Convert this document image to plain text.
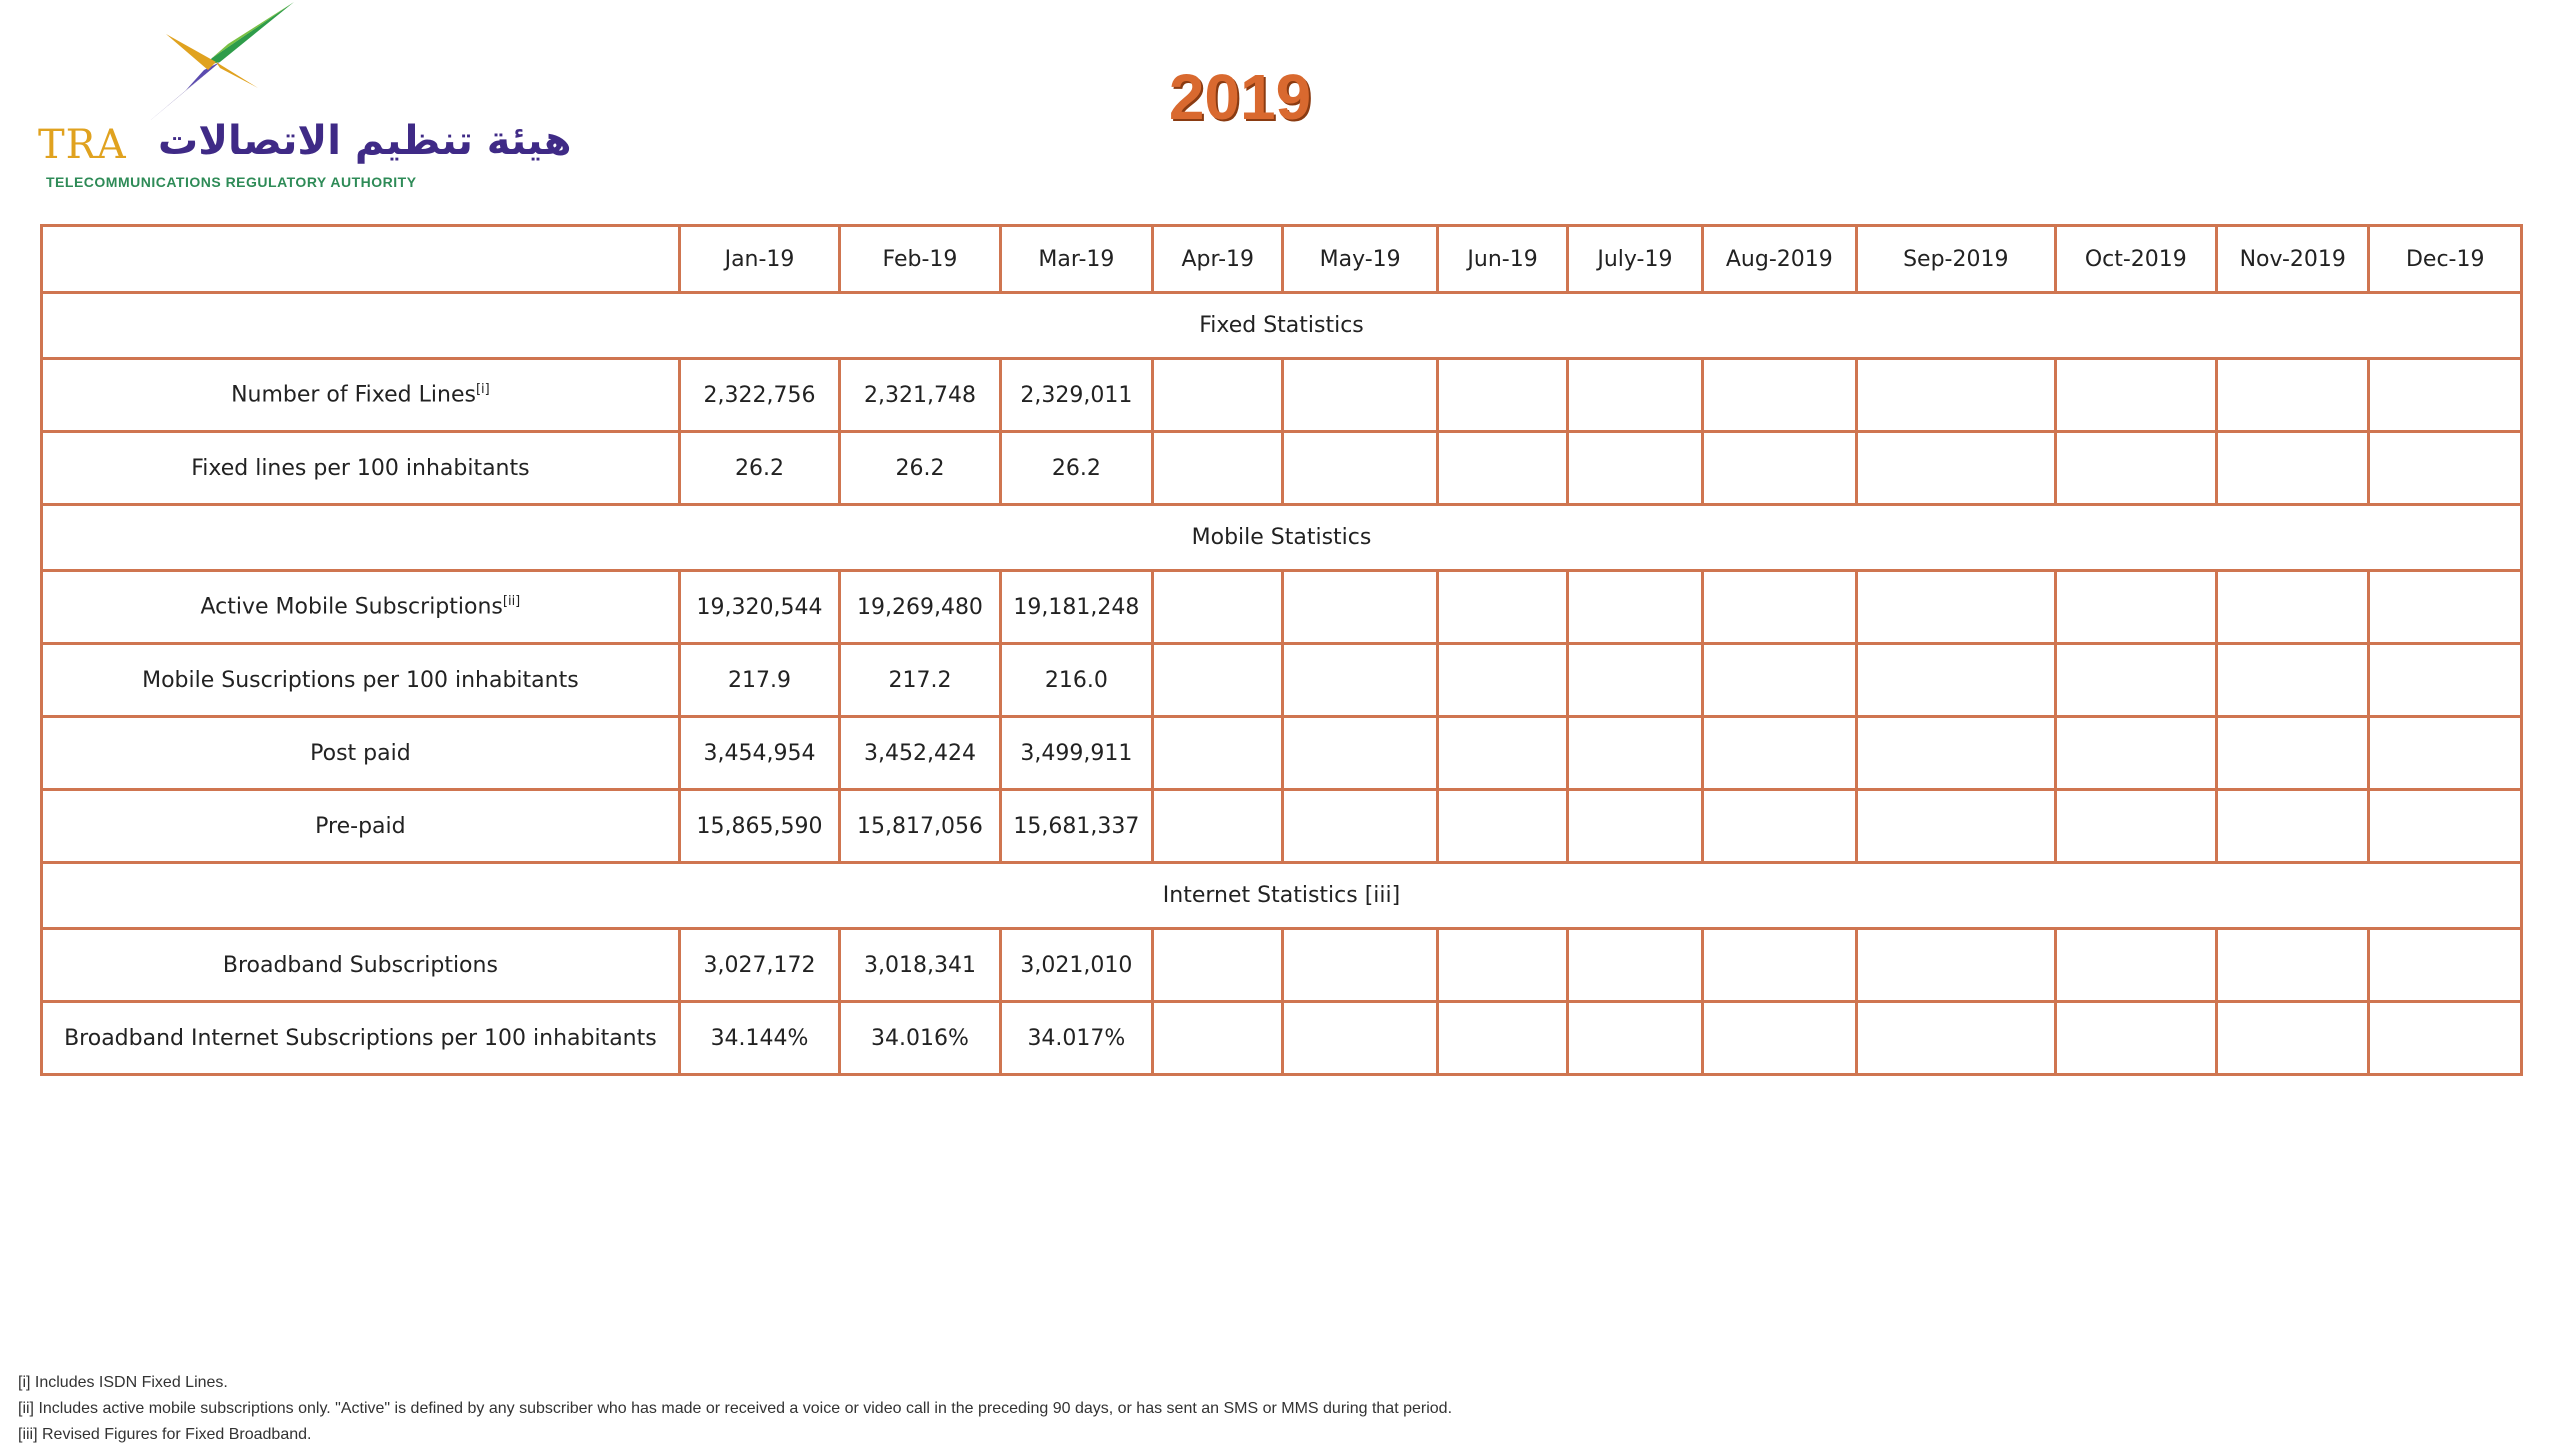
TRA هيئة تنظيم الاتصالات
TELECOMMUNICATIONS REGULATORY AUTHORITY
2019
	Jan-19	Feb-19	Mar-19	Apr-19	May-19	Jun-19	July-19	Aug-2019	Sep-2019	Oct-2019	Nov-2019	Dec-19
Fixed Statistics												
Number of Fixed Lines[i]	2,322,756	2,321,748	2,329,011									
Fixed lines per 100 inhabitants	26.2	26.2	26.2									
Mobile Statistics												
Active Mobile Subscriptions[ii]	19,320,544	19,269,480	19,181,248									
Mobile Suscriptions per 100 inhabitants	217.9	217.2	216.0									
Post paid	3,454,954	3,452,424	3,499,911									
Pre-paid	15,865,590	15,817,056	15,681,337									
Internet Statistics [iii]												
Broadband Subscriptions	3,027,172	3,018,341	3,021,010									
Broadband Internet Subscriptions per 100 inhabitants	34.144%	34.016%	34.017%									
[i] Includes ISDN Fixed Lines.
[ii] Includes active mobile subscriptions only. "Active" is defined by any subscriber who has made or received a voice or video call in the preceding 90 days, or has sent an SMS or MMS during that period.
[iii] Revised Figures for Fixed Broadband.
